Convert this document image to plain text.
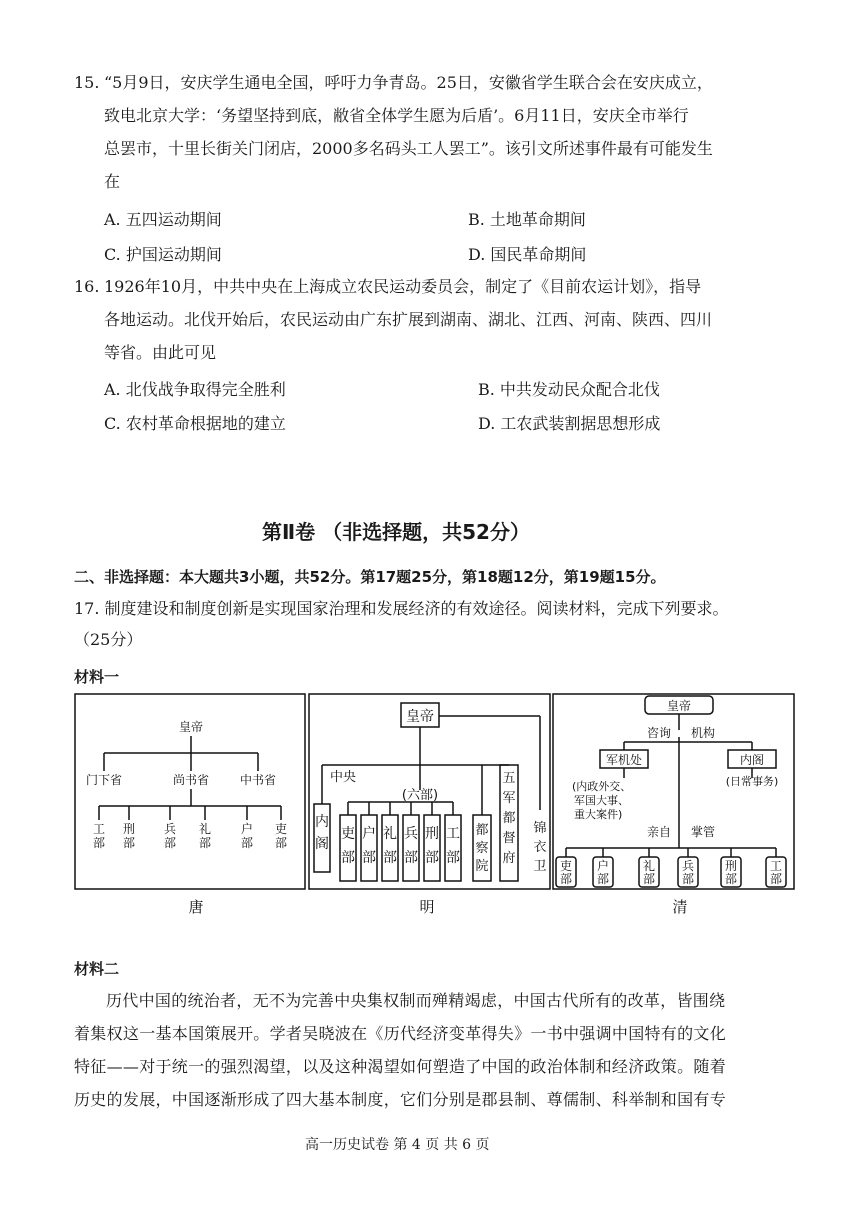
15. “5月9日，安庆学生通电全国，呼吁力争青岛。25日，安徽省学生联合会在安庆成立，
致电北京大学：‘务望坚持到底，敝省全体学生愿为后盾’。6月11日，安庆全市举行
总罢市，十里长街关门闭店，2000多名码头工人罢工”。该引文所述事件最有可能发生
在
A. 五四运动期间	B. 土地革命期间
C. 护国运动期间	D. 国民革命期间
16. 1926年10月，中共中央在上海成立农民运动委员会，制定了《目前农运计划》，指导
各地运动。北伐开始后，农民运动由广东扩展到湖南、湖北、江西、河南、陕西、四川
等省。由此可见
A. 北伐战争取得完全胜利	B. 中共发动民众配合北伐
C. 农村革命根据地的建立	D. 工农武装割据思想形成
第Ⅱ卷 （非选择题，共52分）
二、非选择题：本大题共3小题，共52分。第17题25分，第18题12分，第19题15分。
17. 制度建设和制度创新是实现国家治理和发展经济的有效途径。阅读材料，完成下列要求。
（25分）
材料一
皇帝
门下省	尚书省	中书省
工
部
刑
部
兵
部
礼
部
户
部
吏
部
唐
皇帝
中央
(六部)
内
阁
吏
部
户
部
礼
部
兵
部
刑
部
工
部
都
察
院
五
军
都
督
府
锦
衣
卫
明
皇帝
咨询 机构
军机处	内阁
(内政外交、
军国大事、
重大案件)
(日常事务)
亲自 掌管
吏
部
户
部
礼
部
兵
部
刑
部
工
部
清
材料二
历代中国的统治者，无不为完善中央集权制而殚精竭虑，中国古代所有的改革，皆围绕
着集权这一基本国策展开。学者吴晓波在《历代经济变革得失》一书中强调中国特有的文化
特征——对于统一的强烈渴望，以及这种渴望如何塑造了中国的政治体制和经济政策。随着
历史的发展，中国逐渐形成了四大基本制度，它们分别是郡县制、尊儒制、科举制和国有专
高一历史试卷 第 4 页 共 6 页
